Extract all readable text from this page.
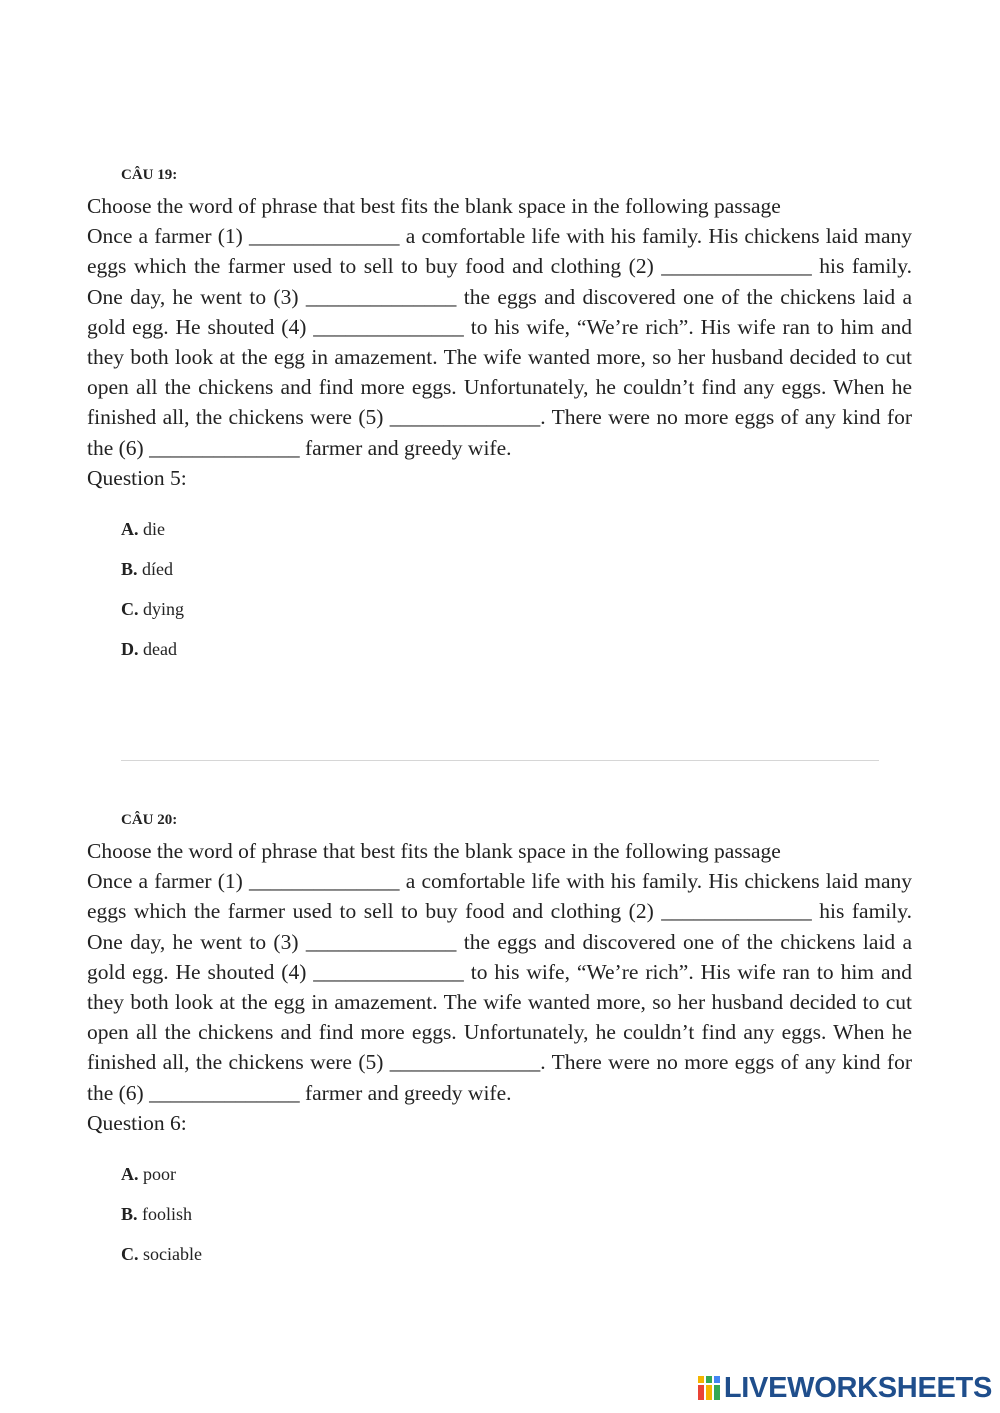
CÂU 19:

Choose the word of phrase that best fits the blank space in the following passage

Once a farmer (1) ______________ a comfortable life with his family. His chickens laid many eggs which the farmer used to sell to buy food and clothing (2) ______________ his family. One day, he went to (3) ______________ the eggs and discovered one of the chickens laid a gold egg. He shouted (4) ______________ to his wife, “We’re rich”. His wife ran to him and they both look at the egg in amazement. The wife wanted more, so her husband decided to cut open all the chickens and find more eggs. Unfortunately, he couldn’t find any eggs. When he finished all, the chickens were (5) ______________. There were no more eggs of any kind for the (6) ______________ farmer and greedy wife.

Question 5:

A. die
B. díed
C. dying
D. dead
CÂU 20:

Choose the word of phrase that best fits the blank space in the following passage

Once a farmer (1) ______________ a comfortable life with his family. His chickens laid many eggs which the farmer used to sell to buy food and clothing (2) ______________ his family. One day, he went to (3) ______________ the eggs and discovered one of the chickens laid a gold egg. He shouted (4) ______________ to his wife, “We’re rich”. His wife ran to him and they both look at the egg in amazement. The wife wanted more, so her husband decided to cut open all the chickens and find more eggs. Unfortunately, he couldn’t find any eggs. When he finished all, the chickens were (5) ______________. There were no more eggs of any kind for the (6) ______________ farmer and greedy wife.

Question 6:

A. poor
B. foolish
C. sociable
LIVEWORKSHEETS
